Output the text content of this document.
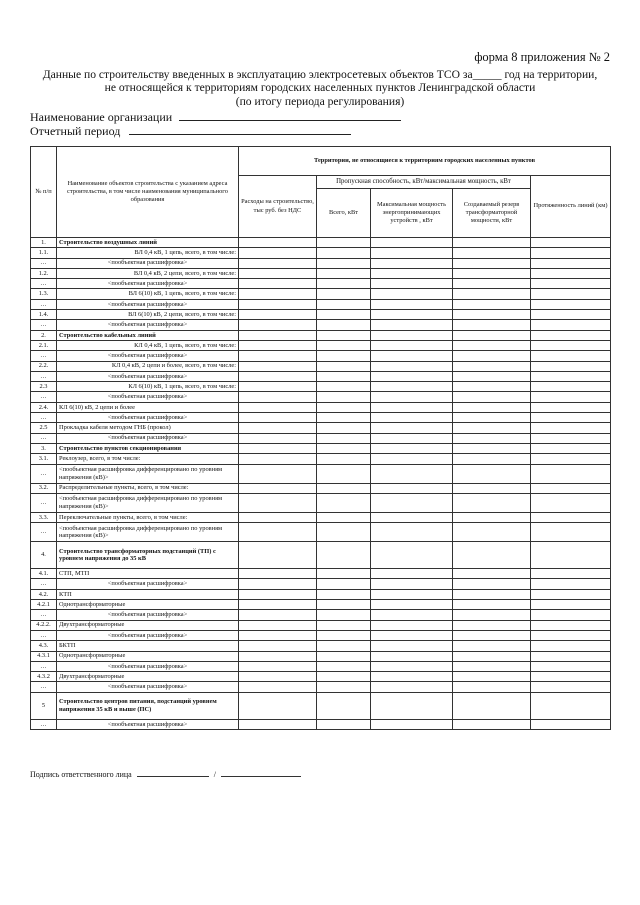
форма 8 приложения № 2
Данные по строительству введенных в эксплуатацию электросетевых объектов ТСО за_____ год на территории,
не относящейся к территориям городских населенных пунктов Ленинградской области
(по итогу периода регулирования)
Наименование организации
Отчетный период
№ п/п	Наименование объектов строительства с указанием адреса строительства, в том числе наименования муниципального образования	Территории, не относящиеся к территориям городских населенных пунктов				

		Расходы на строительство, тыс руб. без НДС	Пропускная способность, кВт/максимальная мощность, кВт			Протяженность линий (км)
			Всего, кВт	Максимальная мощность энергопринимающих устройств , кВт	Создаваемый резерв трансформаторной мощности, кВт	
1.	Строительство воздушных линий					
1.1.	ВЛ 0,4 кВ, 1 цепь, всего, в том числе:					
…	<пообъектная расшифровка>					
1.2.	ВЛ 0,4 кВ, 2 цепи, всего, в том числе:					
…	<пообъектная расшифровка>					
1.3.	ВЛ 6(10) кВ, 1 цепь, всего, в том числе:					
…	<пообъектная расшифровка>					
1.4.	ВЛ 6(10) кВ, 2 цепи, всего, в том числе:					
…	<пообъектная расшифровка>					
2.	Строительство кабельных линий					
2.1.	КЛ 0,4 кВ, 1 цепь, всего, в том числе:					
…	<пообъектная расшифровка>					
2.2.	КЛ 0,4 кВ, 2 цепи и более, всего, в том числе:					
…	<пообъектная расшифровка>					
2.3	КЛ 6(10) кВ, 1 цепь, всего, в том числе:					
…	<пообъектная расшифровка>					
2.4.	КЛ 6(10) кВ, 2 цепи и более					
…	<пообъектная расшифровка>					
2.5	Прокладка кабеля методом ГНБ (прокол)					
…	<пообъектная расшифровка>					
3.	Строительство пунктов секционирования					
3.1.	Реклоузер, всего, в том числе:					
…	<пообъектная расшифровка дифференцировано по уровням напряжения (кВ)>					
3.2.	Распределительные пункты, всего, в том числе:					
…	<пообъектная расшифровка дифференцировано по уровням напряжения (кВ)>					
3.3.	Переключательные пункты, всего, в том числе:					
…	<пообъектная расшифровка дифференцировано по уровням напряжения (кВ)>					
4.	Строительство трансформаторных подстанций (ТП) с уровнем напряжения до 35 кВ					
4.1.	СТП, МТП					
…	<пообъектная расшифровка>					
4.2.	КТП					
4.2.1	Однотрансформаторные					
…	<пообъектная расшифровка>					
4.2.2.	Двухтрансформаторные					
…	<пообъектная расшифровка>					
4.3.	БКТП					
4.3.1	Однотрансформаторные					
…	<пообъектная расшифровка>					
4.3.2	Двухтрансформаторные					
…	<пообъектная расшифровка>					
5	Строительство центров питания, подстанций уровнем напряжения 35 кВ и выше (ПС)					
…	<пообъектная расшифровка>					
Подпись ответственного лица	/
